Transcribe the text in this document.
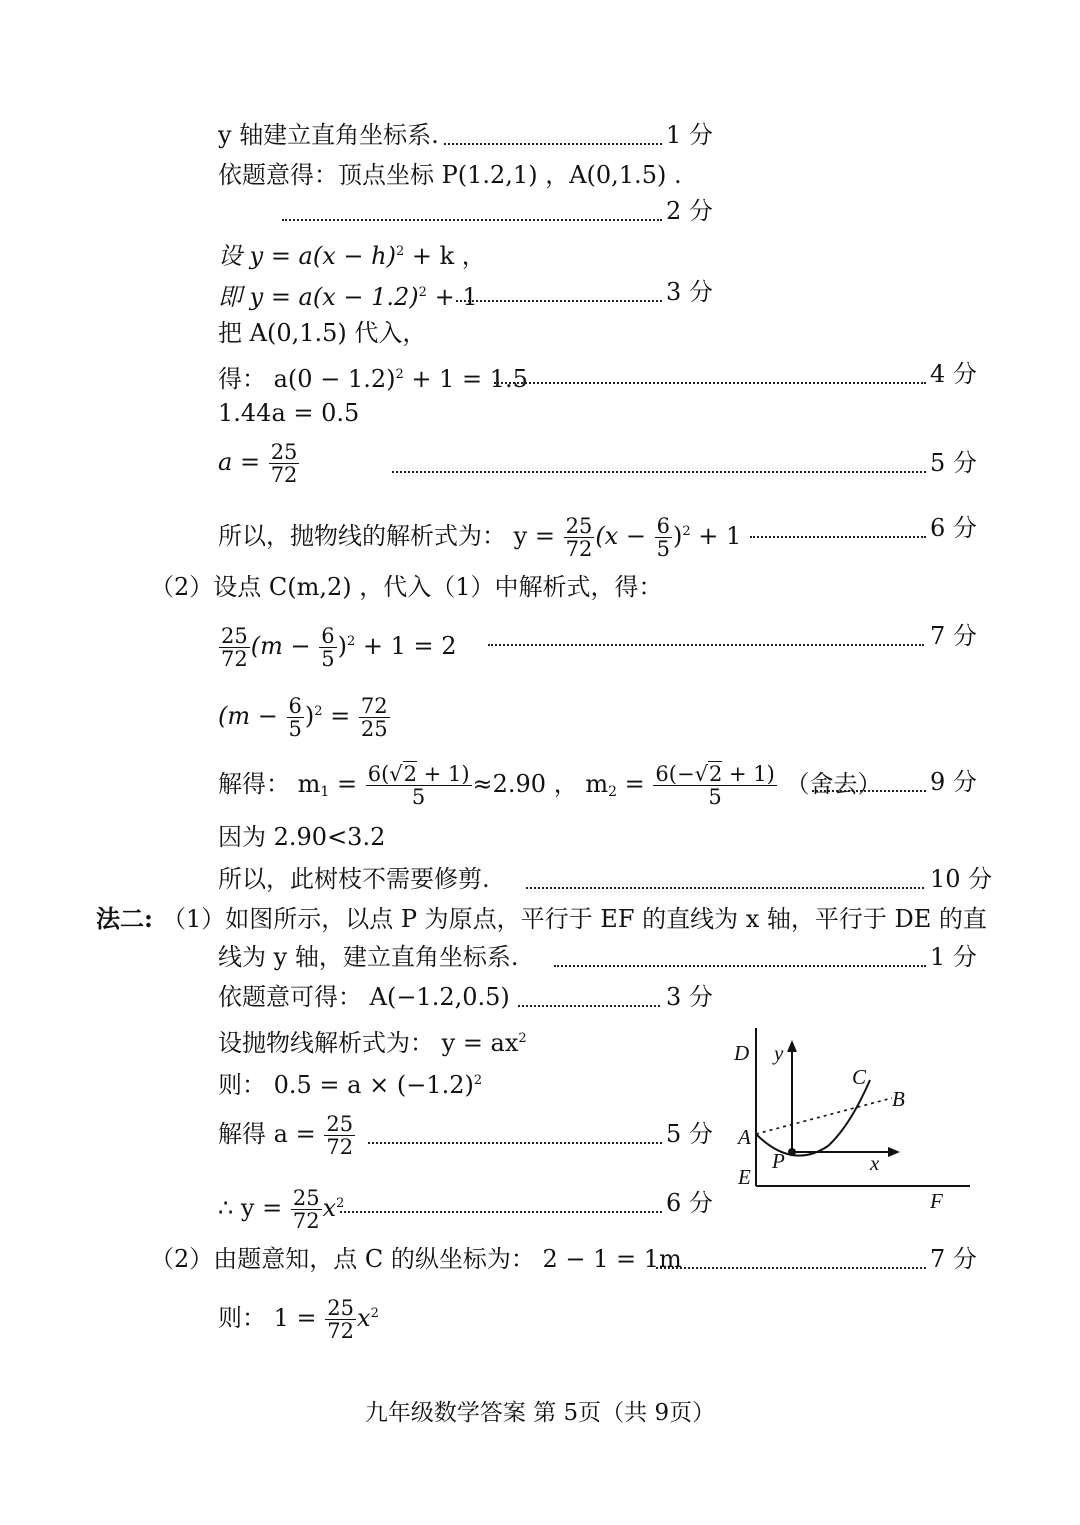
y 轴建立直角坐标系.	1 分
依题意得：顶点坐标 P(1.2,1) ，A(0,1.5) .
2 分
设 $y = a(x - h)^2 + k$ ，
即 $y = a(x - 1.2)^2 + 1$	3 分
把 A(0,1.5) 代入，
得： $a(0 - 1.2)^2 + 1 = 1.5$	4 分
1.44a = 0.5
$a = \frac{25}{72}$	5 分
所以，抛物线的解析式为： $y = \frac{25}{72} (x - \frac{6}{5} )^2 + 1$	6 分
（2）设点 C(m,2) ，代入（1）中解析式，得：
$\frac{25}{72} (m - \frac{6}{5} )^2 + 1 = 2$	7 分
$(m - \frac{6}{5} )^2 = \frac{72}{25}$
解得： $m_1 = \frac{6(√2 + 1)}{5} \approx 2.90$ ， $m_2 = \frac{6(-√2 + 1)}{5}$ （舍去） 9 分
因为 2.90<3.2
所以，此树枝不需要修剪.	10 分
法二: （1）如图所示，以点 P 为原点，平行于 EF 的直线为 x 轴，平行于 DE 的直
线为 y 轴，建立直角坐标系.	1 分
依题意可得： A(−1.2,0.5)	3 分
设抛物线解析式为： $y = ax^2$
则： $0.5 = a \times (-1.2)^2$
解得 $a = \frac{25}{72}$	5 分
∴ $y = \frac{25}{72} x^2$	6 分
D y
C
B
A
P	x
E
F
（2）由题意知，点 C 的纵坐标为： 2 − 1 = 1m	7 分
则： $1 = \frac{25}{72} x^2$
九年级数学答案 第 5页（共 9页）
